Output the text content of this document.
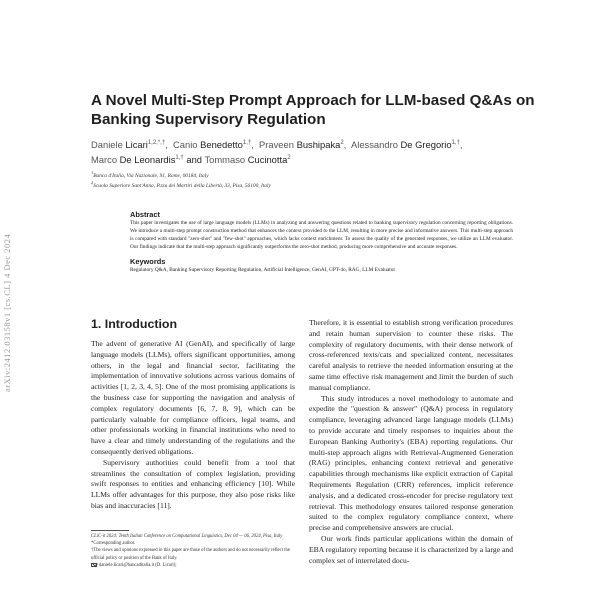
arXiv:2412.03158v1 [cs.CL] 4 Dec 2024
A Novel Multi-Step Prompt Approach for LLM-based Q&As on Banking Supervisory Regulation
Daniele Licari$^{1,2,*,\dagger}$,  Canio Benedetto$^{1,\dagger}$,  Praveen Bushipaka$^2$,  Alessandro De Gregorio$^{1,\dagger}$,
Marco De Leonardis$^{1,\dagger}$ and Tommaso Cucinotta$^2$
$^1$Banca d'Italia, Via Nazionale, 91, Rome, 00184, Italy
$^2$Scuola Superiore Sant'Anna, P.zza dei Martiri della Libertà, 33, Pisa, 56100, Italy
Abstract
This paper investigates the use of large language models (LLMs) in analyzing and answering questions related to banking supervisory regulation concerning reporting obligations. We introduce a multi-step prompt construction method that enhances the context provided to the LLM, resulting in more precise and informative answers. This multi-step approach is compared with standard "zero-shot" and "few-shot" approaches, which lacks context enrichment. To assess the quality of the generated responses, we utilize an LLM evaluator. Our findings indicate that the multi-step approach significantly outperforms the zero-shot method, producing more comprehensive and accurate responses.
Keywords
Regulatory Q&A, Banking Supervisory Reporting Regulation, Artificial Intelligence, GenAI, GPT-4o, RAG, LLM Evaluator
1. Introduction

The advent of generative AI (GenAI), and specifically of large language models (LLMs), offers significant opportunities, among others, in the legal and financial sector, facilitating the implementation of innovative solutions across various domains of activities [1, 2, 3, 4, 5]. One of the most promising applications is the business case for supporting the navigation and analysis of complex regulatory documents [6, 7, 8, 9], which can be particularly valuable for compliance officers, legal teams, and other professionals working in financial institutions who need to have a clear and timely understanding of the regulations and the consequently derived obligations.

Supervisory authorities could benefit from a tool that streamlines the consultation of complex legislation, providing swift responses to entities and enhancing efficiency [10]. While LLMs offer advantages for this purpose, they also pose risks like bias and inaccuracies [11].

Therefore, it is essential to establish strong verification procedures and retain human supervision to counter these risks. The complexity of regulatory documents, with their dense network of cross-referenced texts/cats and specialized content, necessitates careful analysis to retrieve the needed information ensuring at the same time effective risk management and limit the burden of such manual compliance.

This study introduces a novel methodology to automate and expedite the "question & answer" (Q&A) process in regulatory compliance, leveraging advanced large language models (LLMs) to provide accurate and timely responses to inquiries about the European Banking Authority's (EBA) reporting regulations. Our multi-step approach aligns with Retrieval-Augmented Generation (RAG) principles, enhancing context retrieval and generative capabilities through mechanisms like explicit extraction of Capital Requirements Regulation (CRR) references, implicit reference analysis, and a dedicated cross-encoder for precise regulatory text retrieval. This methodology ensures tailored response generation suited to the complex regulatory compliance context, where precise and comprehensive answers are crucial.

Our work finds particular applications within the domain of EBA regulatory reporting because it is characterized by a large and complex set of interrelated docu-

CLiC-it 2024: Tenth Italian Conference on Computational Linguistics, Dec 04 — 06, 2024, Pisa, Italy
*Corresponding author.
†The views and opinions expressed in this paper are those of the authors and do not necessarily reflect the official policy or position of the Bank of Italy.
daniele.licari@bancaditalia.it (D. Licari);
